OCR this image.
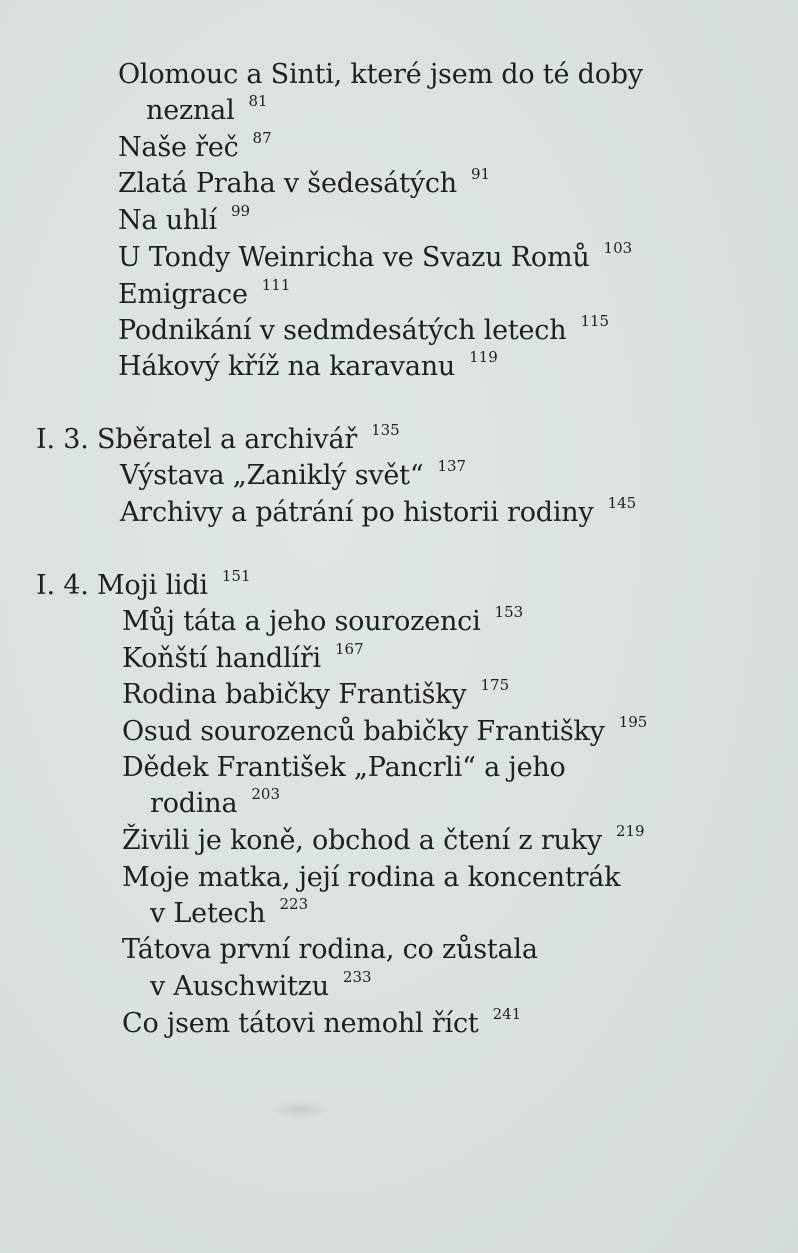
Olomouc a Sinti, které jsem do té doby
neznal $^{81}$
Naše řeč $^{87}$
Zlatá Praha v šedesátých $^{91}$
Na uhlí $^{99}$
U Tondy Weinricha ve Svazu Romů $^{103}$
Emigrace $^{111}$
Podnikání v sedmdesátých letech $^{115}$
Hákový kříž na karavanu $^{119}$
I. 3. Sběratel a archivář $^{135}$
Výstava „Zaniklý svět“ $^{137}$
Archivy a pátrání po historii rodiny $^{145}$
I. 4. Moji lidi $^{151}$
Můj táta a jeho sourozenci $^{153}$
Koňští handlíři $^{167}$
Rodina babičky Františky $^{175}$
Osud sourozenců babičky Františky $^{195}$
Dědek František „Pancrli“ a jeho
rodina $^{203}$
Živili je koně, obchod a čtení z ruky $^{219}$
Moje matka, její rodina a koncentrák
v Letech $^{223}$
Tátova první rodina, co zůstala
v Auschwitzu $^{233}$
Co jsem tátovi nemohl říct $^{241}$
